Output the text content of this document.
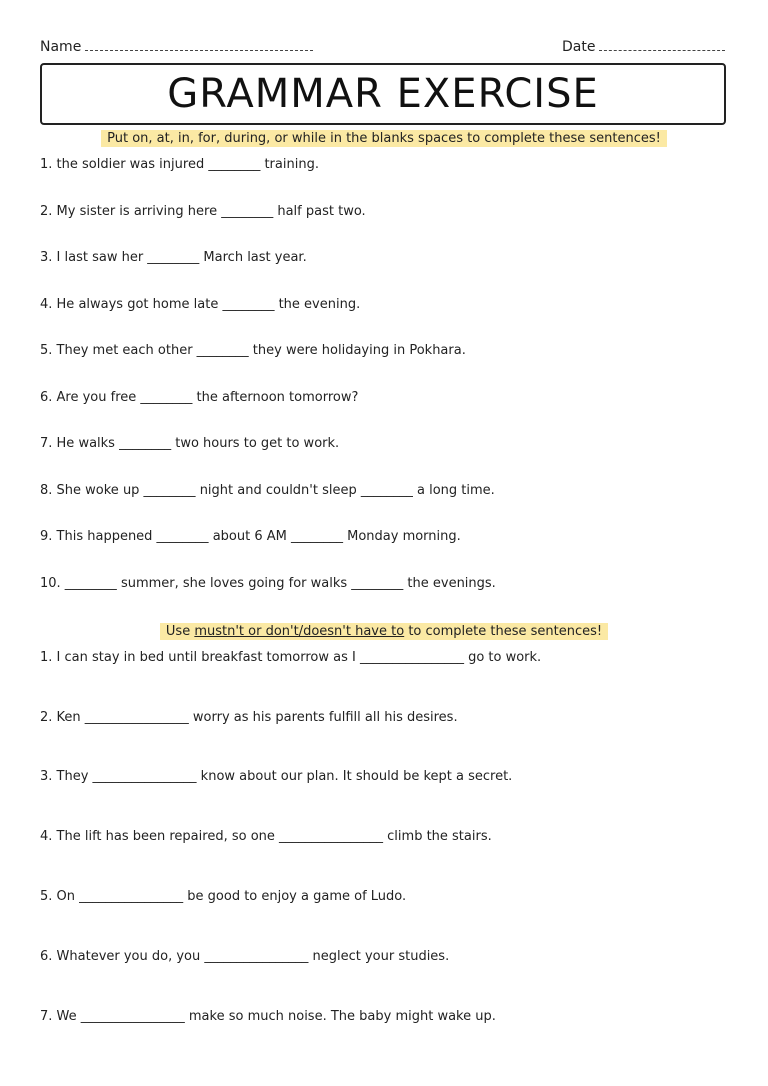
Name	Date
GRAMMAR EXERCISE
Put on, at, in, for, during, or while in the blanks spaces to complete these sentences!
1. the soldier was injured ________ training.
2. My sister is arriving here ________ half past two.
3. I last saw her ________ March last year.
4. He always got home late ________ the evening.
5. They met each other ________ they were holidaying in Pokhara.
6. Are you free ________ the afternoon tomorrow?
7. He walks ________ two hours to get to work.
8. She woke up ________ night and couldn't sleep ________ a long time.
9. This happened ________ about 6 AM ________ Monday morning.
10. ________ summer, she loves going for walks ________ the evenings.
Use mustn't or don't/doesn't have to to complete these sentences!
1. I can stay in bed until breakfast tomorrow as I ________________ go to work.
2. Ken ________________ worry as his parents fulfill all his desires.
3. They ________________ know about our plan. It should be kept a secret.
4. The lift has been repaired, so one ________________ climb the stairs.
5. On ________________ be good to enjoy a game of Ludo.
6. Whatever you do, you ________________ neglect your studies.
7. We ________________ make so much noise. The baby might wake up.
